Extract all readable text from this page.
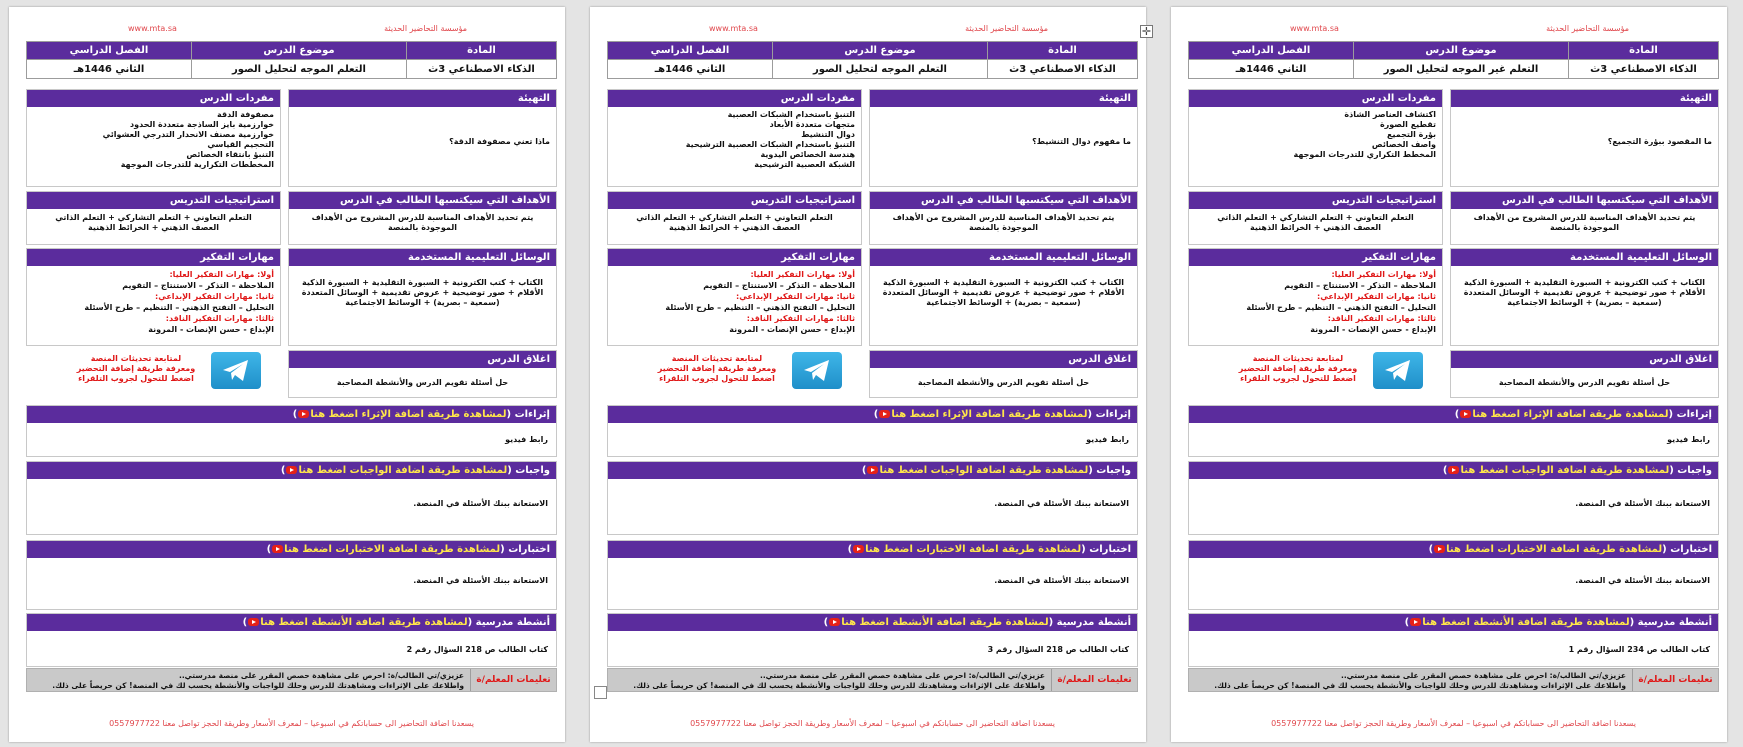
www.mta.sa	مؤسسة التحاضير الحديثة
المادة	موضوع الدرس	الفصل الدراسي
الذكاء الاصطناعي 3ث	التعلم الموجه لتحليل الصور	الثاني 1446هـ
التهيئة
ماذا تعني مصفوفة الدقة؟
مفردات الدرس
مصفوفة الدقة
خوارزمية بايز الساذجة متعددة الحدود
خوارزمية مصنف الانحدار التدرجي العشوائي
التحجيم القياسي
التنبؤ بانتقاء الخصائص
المخططات التكرارية للتدرجات الموجهة
الأهداف التي سيكتسبها الطالب في الدرس
يتم تحديد الأهداف المناسبة للدرس المشروح من الأهداف الموجودة بالمنصة
استراتيجيات التدريس
التعلم التعاوني + التعلم التشاركي + التعلم الذاتي
العصف الذهني + الخرائط الذهنية
الوسائل التعليمية المستخدمة
الكتاب + كتب الكترونية + السبورة التقليدية + السبورة الذكية
الأقلام + صور توضيحية + عروض تقديمية + الوسائل المتعددة
(سمعية – بصرية) + الوسائط الاجتماعية
مهارات التفكير
أولا: مهارات التفكير العليا:
الملاحظة – التذكر – الاستنتاج – التقويم
ثانيا: مهارات التفكير الإبداعي:
التحليل – التفتح الذهني – التنظيم – طرح الأسئلة
ثالثا: مهارات التفكير الناقد:
الإبداع - حسن الإنصات - المرونة
اغلاق الدرس
حل أسئلة تقويم الدرس والأنشطة المصاحبة
لمتابعة تحديثات المنصة
ومعرفة طريقة إضافة التحضير
اضغط للتحول لجروب التلقراء
إثراءات (لمشاهدة طريقة اضافة الإثراء اضغط هنا)
رابط فيديو
واجبات (لمشاهدة طريقة اضافة الواجبات اضغط هنا)
الاستعانة ببنك الأسئلة في المنصة.
اختبارات (لمشاهدة طريقة اضافة الاختبارات اضغط هنا)
الاستعانة ببنك الأسئلة في المنصة.
أنشطة مدرسية (لمشاهدة طريقة اضافة الأنشطة اضغط هنا)
كتاب الطالب ص 218 السؤال رقم 2
تعليمات المعلم/ة
عزيزي/تي الطالب/ة: احرص على مشاهدة حصص المقرر على منصة مدرستي..
واطلاعك على الإثراءات ومشاهدتك للدرس وحلك للواجبات والأنشطة يحسب لك في المنصة! كن حريصاً على ذلك.
يسعدنا اضافة التحاضير الى حساباتكم في اسبوعيا – لمعرف الأسعار وطريقة الحجز تواصل معنا 0557977722
www.mta.sa	مؤسسة التحاضير الحديثة
المادة	موضوع الدرس	الفصل الدراسي
الذكاء الاصطناعي 3ث	التعلم الموجه لتحليل الصور	الثاني 1446هـ
التهيئة
ما مفهوم دوال التنشيط؟
مفردات الدرس
التنبؤ باستخدام الشبكات العصبية
متجهات متعددة الأبعاد
دوال التنشيط
التنبؤ باستخدام الشبكات العصبية الترشيحية
هندسة الخصائص اليدوية
الشبكة العصبية الترشيحية
الأهداف التي سيكتسبها الطالب في الدرس
يتم تحديد الأهداف المناسبة للدرس المشروح من الأهداف الموجودة بالمنصة
استراتيجيات التدريس
التعلم التعاوني + التعلم التشاركي + التعلم الذاتي
العصف الذهني + الخرائط الذهنية
الوسائل التعليمية المستخدمة
الكتاب + كتب الكترونية + السبورة التقليدية + السبورة الذكية
الأقلام + صور توضيحية + عروض تقديمية + الوسائل المتعددة
(سمعية – بصرية) + الوسائط الاجتماعية
مهارات التفكير
أولا: مهارات التفكير العليا:
الملاحظة – التذكر – الاستنتاج – التقويم
ثانيا: مهارات التفكير الإبداعي:
التحليل – التفتح الذهني – التنظيم – طرح الأسئلة
ثالثا: مهارات التفكير الناقد:
الإبداع - حسن الإنصات - المرونة
اغلاق الدرس
حل أسئلة تقويم الدرس والأنشطة المصاحبة
لمتابعة تحديثات المنصة
ومعرفة طريقة إضافة التحضير
اضغط للتحول لجروب التلقراء
إثراءات (لمشاهدة طريقة اضافة الإثراء اضغط هنا)
رابط فيديو
واجبات (لمشاهدة طريقة اضافة الواجبات اضغط هنا)
الاستعانة ببنك الأسئلة في المنصة.
اختبارات (لمشاهدة طريقة اضافة الاختبارات اضغط هنا)
الاستعانة ببنك الأسئلة في المنصة.
أنشطة مدرسية (لمشاهدة طريقة اضافة الأنشطة اضغط هنا)
كتاب الطالب ص 218 السؤال رقم 3
تعليمات المعلم/ة
عزيزي/تي الطالب/ة: احرص على مشاهدة حصص المقرر على منصة مدرستي..
واطلاعك على الإثراءات ومشاهدتك للدرس وحلك للواجبات والأنشطة يحسب لك في المنصة! كن حريصاً على ذلك.
يسعدنا اضافة التحاضير الى حساباتكم في اسبوعيا – لمعرف الأسعار وطريقة الحجز تواصل معنا 0557977722
www.mta.sa	مؤسسة التحاضير الحديثة
المادة	موضوع الدرس	الفصل الدراسي
الذكاء الاصطناعي 3ث	التعلم غير الموجه لتحليل الصور	الثاني 1446هـ
التهيئة
ما المقصود ببؤرة التجميع؟
مفردات الدرس
اكتشاف العناصر الشاذة
تقطيع الصورة
بؤرة التجميع
واصف الخصائص
المخطط التكراري للتدرجات الموجهة
الأهداف التي سيكتسبها الطالب في الدرس
يتم تحديد الأهداف المناسبة للدرس المشروح من الأهداف الموجودة بالمنصة
استراتيجيات التدريس
التعلم التعاوني + التعلم التشاركي + التعلم الذاتي
العصف الذهني + الخرائط الذهنية
الوسائل التعليمية المستخدمة
الكتاب + كتب الكترونية + السبورة التقليدية + السبورة الذكية
الأقلام + صور توضيحية + عروض تقديمية + الوسائل المتعددة
(سمعية – بصرية) + الوسائط الاجتماعية
مهارات التفكير
أولا: مهارات التفكير العليا:
الملاحظة – التذكر – الاستنتاج – التقويم
ثانيا: مهارات التفكير الإبداعي:
التحليل – التفتح الذهني – التنظيم – طرح الأسئلة
ثالثا: مهارات التفكير الناقد:
الإبداع - حسن الإنصات - المرونة
اغلاق الدرس
حل أسئلة تقويم الدرس والأنشطة المصاحبة
لمتابعة تحديثات المنصة
ومعرفة طريقة إضافة التحضير
اضغط للتحول لجروب التلقراء
إثراءات (لمشاهدة طريقة اضافة الإثراء اضغط هنا)
رابط فيديو
واجبات (لمشاهدة طريقة اضافة الواجبات اضغط هنا)
الاستعانة ببنك الأسئلة في المنصة.
اختبارات (لمشاهدة طريقة اضافة الاختبارات اضغط هنا)
الاستعانة ببنك الأسئلة في المنصة.
أنشطة مدرسية (لمشاهدة طريقة اضافة الأنشطة اضغط هنا)
كتاب الطالب ص 234 السؤال رقم 1
تعليمات المعلم/ة
عزيزي/تي الطالب/ة: احرص على مشاهدة حصص المقرر على منصة مدرستي..
واطلاعك على الإثراءات ومشاهدتك للدرس وحلك للواجبات والأنشطة يحسب لك في المنصة! كن حريصاً على ذلك.
يسعدنا اضافة التحاضير الى حساباتكم في اسبوعيا – لمعرف الأسعار وطريقة الحجز تواصل معنا 0557977722
✛
